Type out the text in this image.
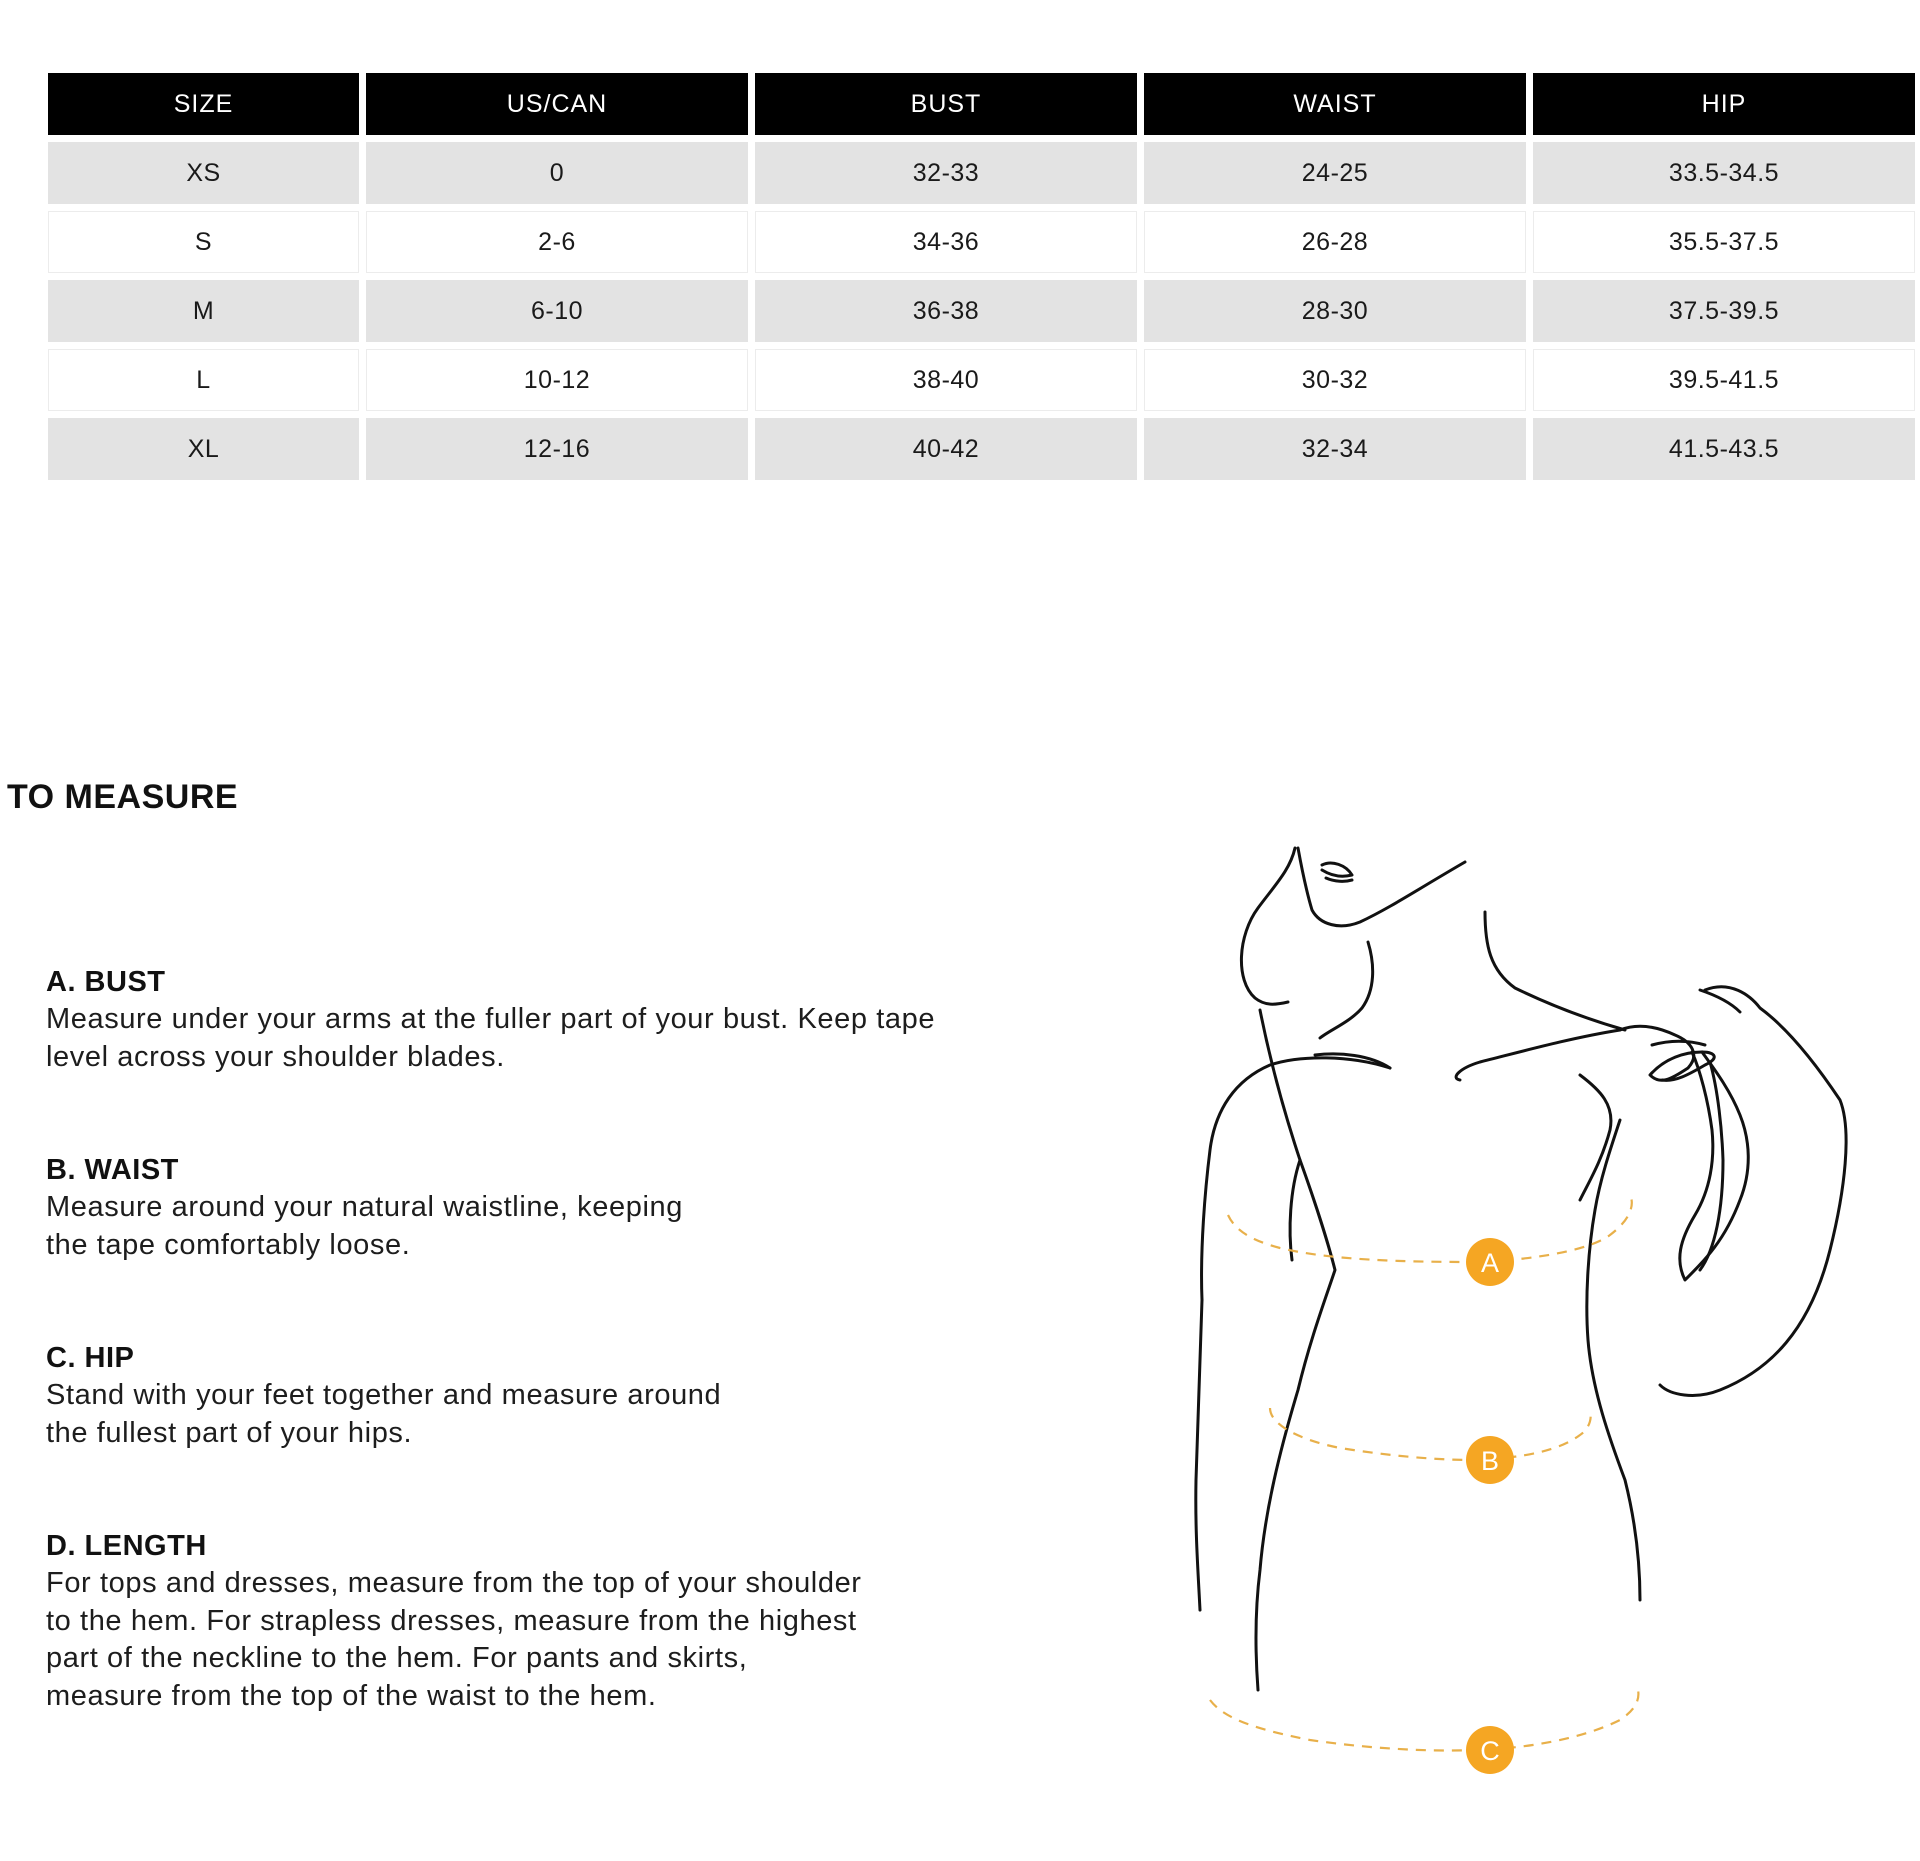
SIZE	US/CAN	BUST	WAIST	HIP
XS	0	32-33	24-25	33.5-34.5
S	2-6	34-36	26-28	35.5-37.5
M	6-10	36-38	28-30	37.5-39.5
L	10-12	38-40	30-32	39.5-41.5
XL	12-16	40-42	32-34	41.5-43.5
TO MEASURE
A. BUST
Measure under your arms at the fuller part of your bust. Keep tape
level across your shoulder blades.
B. WAIST
Measure around your natural waistline, keeping
the tape comfortably loose.
C. HIP
Stand with your feet together and measure around
the fullest part of your hips.
D. LENGTH
For tops and dresses, measure from the top of your shoulder
to the hem. For strapless dresses, measure from the highest
part of the neckline to the hem. For pants and skirts,
measure from the top of the waist to the hem.
A
B
C
